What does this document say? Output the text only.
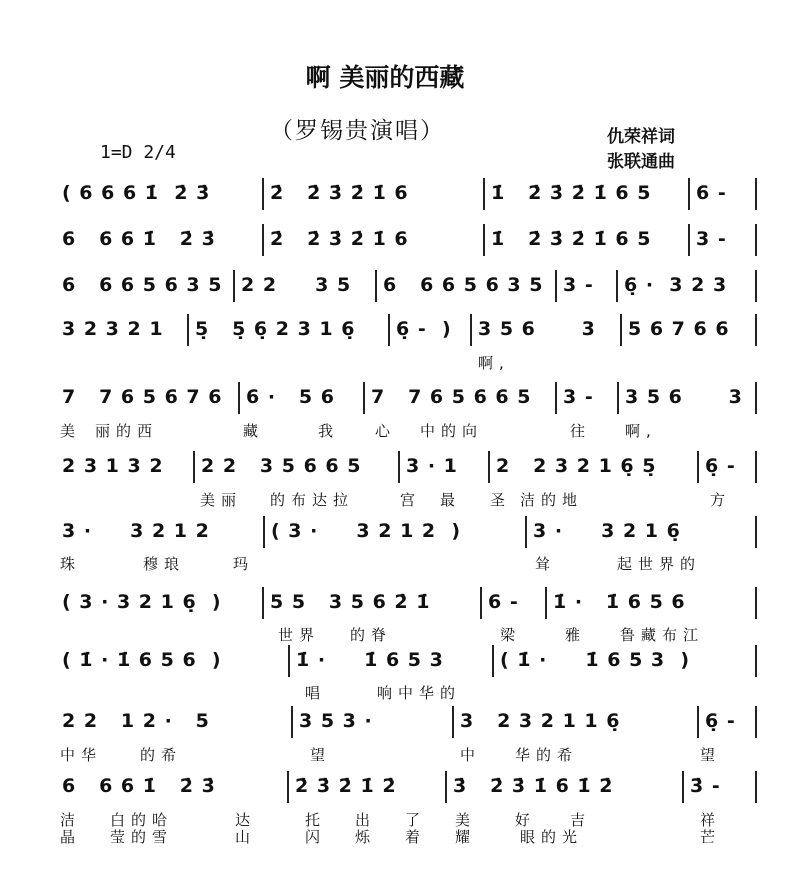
啊 美丽的西藏
（罗锡贵演唱）	仇荣祥词
张联通曲
1=D 2/4
( 6 6 6 1̇  2̇ 3̇	2̇   2̇ 3̇ 2̇ 1̇ 6	1̇   2̇ 3̇ 2̇ 1̇ 6 5 6 -
6   6 6 1̇   2̇ 3̇	2̇   2̇ 3̇ 2̇ 1̇ 6	1̇   2̇ 3̇ 2̇ 1̇ 6 5 3 -
6   6 6 5 6 3 5 2 2     3 5 6   6 6 5 6 3 5 3 - 6̣ ·  3 2 3
3 2 3 2 1 5̣   5̣ 6̣ 2 3 1 6̣ 6̣ -  ) 3 5 6      3 5 6 7 6 6
啊,
7   7 6 5 6 7 6 6 ·   5 6 7   7 6 5 6 6 5 3 - 3 5 6      3
美 丽的西	藏	我 心 中的向	往 啊,
2 3 1 3 2 2 2   3 5 6 6 5 3 · 1 2   2 3 2 1 6̣ 5̣	6̣ -
美丽 的布达拉	宫 最 圣 洁的地	方
3 ·     3 2 1 2	( 3 ·     3 2 1 2  )	3 ·     3 2 1 6̣
珠	穆琅	玛	耸	起世界的
( 3 · 3 2 1 6̣  )	5 5   3 5 6 2̇ 1̇	6 - 1̇ ·   1̇ 6 5 6
世界 的脊	梁	雅 鲁藏布江
( 1̇ · 1̇ 6 5 6  )	1̇ ·     1̇ 6 5 3	( 1̇ ·     1̇ 6 5 3  )
唱	响中华的
2 2   1 2 ·   5	3 5 3 ·	3   2 3 2 1 1 6̣	6̣ -
中华	的希	望	中 华的希	望
6   6 6 1̇   2̇ 3̇	2̇ 3̇ 2̇ 1̇ 2̇	3̇   2̇ 3̇ 1̇ 6 1̇ 2̇	3̇ -
洁 白的哈	达	托 出 了 美	好 吉	祥
晶 莹的雪	山	闪 烁 着 耀	眼的光	芒
